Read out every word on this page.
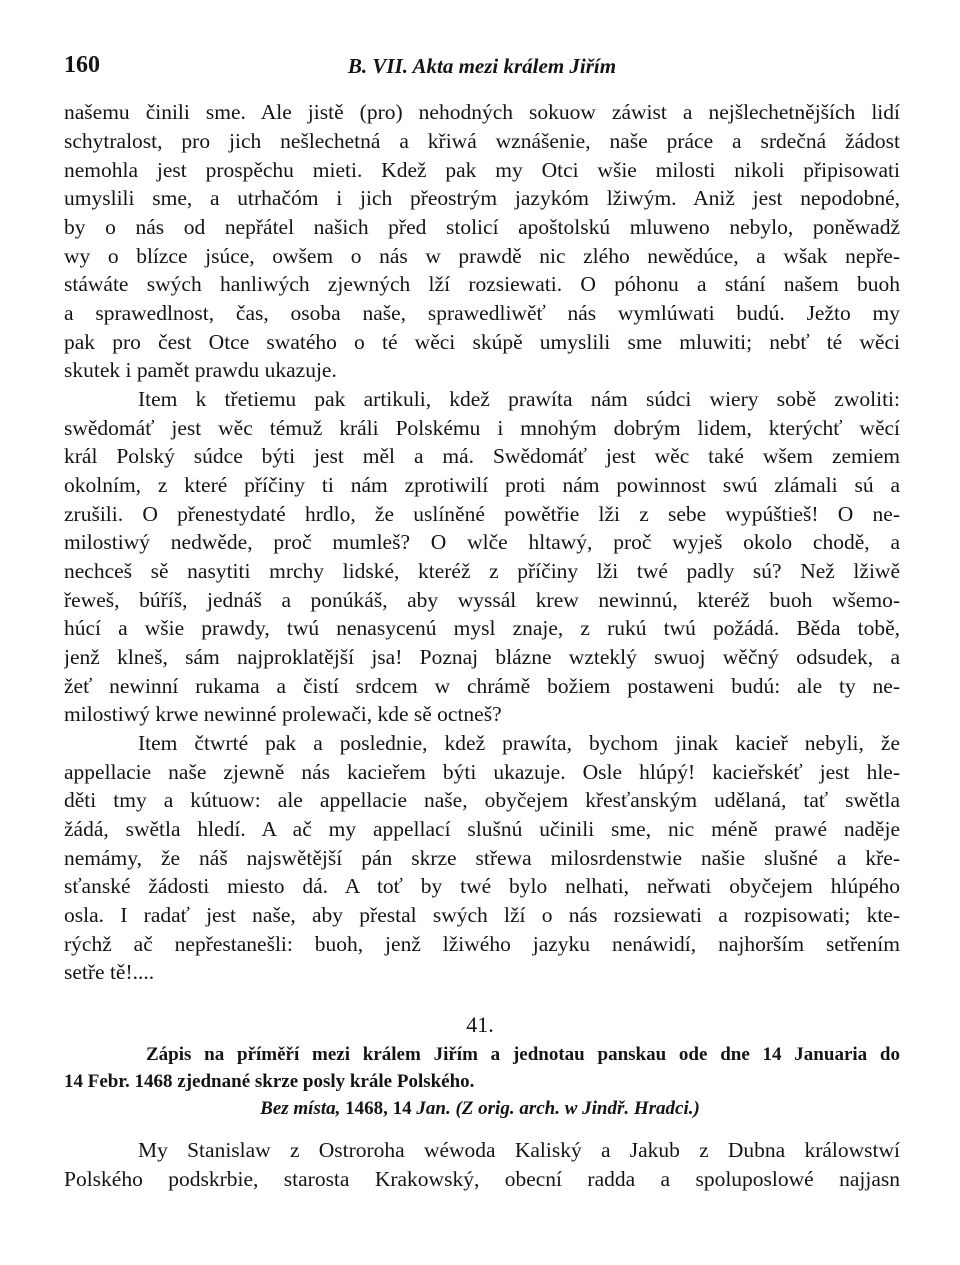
160	B. VII. Akta mezi králem Jiřím
našemu činili sme. Ale jistě (pro) nehodných sokuow záwist a nejšlechetnějších lidí
schytralost, pro jich nešlechetná a křiwá wznášenie, naše práce a srdečná žádost
nemohla jest prospěchu mieti. Kdež pak my Otci wšie milosti nikoli připisowati
umyslili sme, a utrhačóm i jich přeostrým jazykóm lžiwým. Aniž jest nepodobné,
by o nás od nepřátel našich před stolicí apoštolskú mluweno nebylo, poněwadž
wy o blízce jsúce, owšem o nás w prawdě nic zlého newědúce, a wšak nepře-
stáwáte swých hanliwých zjewných lží rozsiewati. O póhonu a stání našem buoh
a sprawedlnost, čas, osoba naše, sprawedliwěť nás wymlúwati budú. Ježto my
pak pro čest Otce swatého o té wěci skúpě umyslili sme mluwiti; nebť té wěci
skutek i pamět prawdu ukazuje.
Item k třetiemu pak artikuli, kdež prawíta nám súdci wiery sobě zwoliti:
swědomáť jest wěc témuž králi Polskému i mnohým dobrým lidem, kterýchť wěcí
král Polský súdce býti jest měl a má. Swědomáť jest wěc také wšem zemiem
okolním, z které příčiny ti nám zprotiwilí proti nám powinnost swú zlámali sú a
zrušili. O přenestydaté hrdlo, že uslíněné powětřie lži z sebe wypúštieš! O ne-
milostiwý nedwěde, proč mumleš? O wlče hltawý, proč wyješ okolo chodě, a
nechceš sě nasytiti mrchy lidské, kteréž z příčiny lži twé padly sú? Než lžiwě
řeweš, búříš, jednáš a ponúkáš, aby wyssál krew newinnú, kteréž buoh wšemo-
húcí a wšie prawdy, twú nenasycenú mysl znaje, z rukú twú požádá. Běda tobě,
jenž klneš, sám najproklatější jsa! Poznaj blázne wzteklý swuoj wěčný odsudek, a
žeť newinní rukama a čistí srdcem w chrámě božiem postaweni budú: ale ty ne-
milostiwý krwe newinné prolewači, kde sě octneš?
Item čtwrté pak a poslednie, kdež prawíta, bychom jinak kacieř nebyli, že
appellacie naše zjewně nás kacieřem býti ukazuje. Osle hlúpý! kacieřskéť jest hle-
děti tmy a kútuow: ale appellacie naše, obyčejem křesťanským udělaná, tať swětla
žádá, swětla hledí. A ač my appellací slušnú učinili sme, nic méně prawé naděje
nemámy, že náš najswětější pán skrze střewa milosrdenstwie našie slušné a kře-
sťanské žádosti miesto dá. A toť by twé bylo nelhati, neřwati obyčejem hlúpého
osla. I radať jest naše, aby přestal swých lží o nás rozsiewati a rozpisowati; kte-
rýchž ač nepřestanešli: buoh, jenž lžiwého jazyku nenáwidí, najhorším setřením
setře tě!....
41.
Zápis na příměří mezi králem Jiřím a jednotau panskau ode dne 14 Januaria do
14 Febr. 1468 zjednané skrze posly krále Polského.
Bez místa, 1468, 14 Jan. (Z orig. arch. w Jindř. Hradci.)
My Stanislaw z Ostroroha wéwoda Kaliský a Jakub z Dubna králowstwí
Polského podskrbie, starosta Krakowský, obecní radda a spoluposlowé najjasn
